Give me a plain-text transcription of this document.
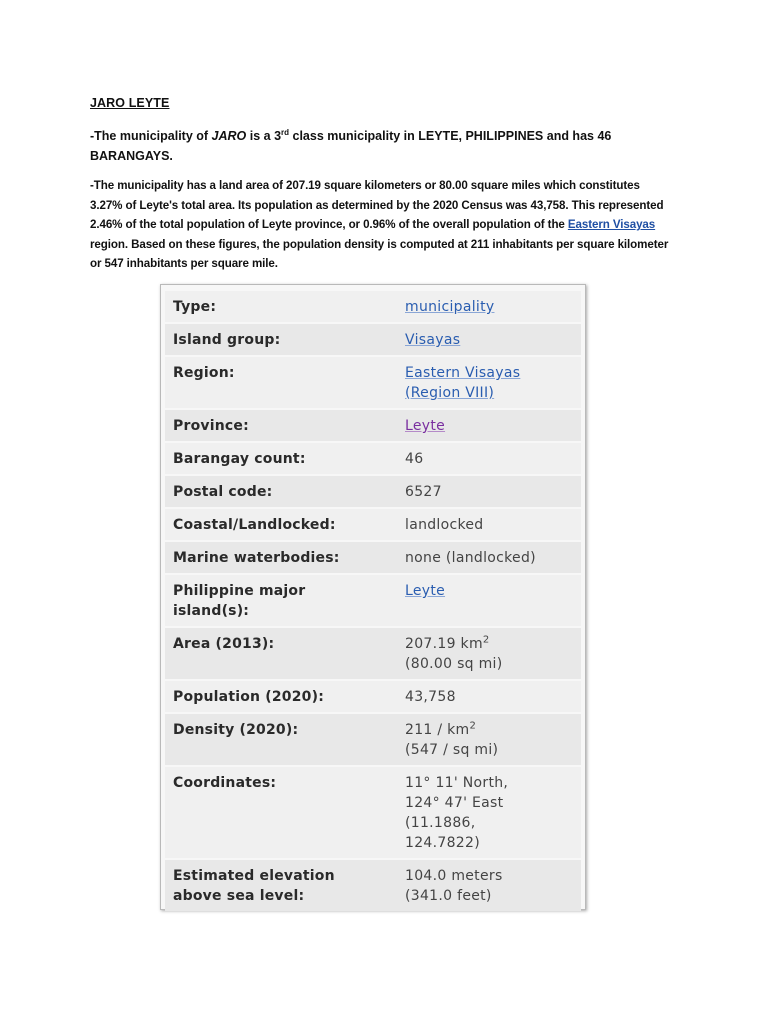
JARO LEYTE

-The municipality of JARO is a 3rd class municipality in LEYTE, PHILIPPINES and has 46 BARANGAYS.

-The municipality has a land area of 207.19 square kilometers or 80.00 square miles which constitutes 3.27% of Leyte's total area. Its population as determined by the 2020 Census was 43,758. This represented 2.46% of the total population of Leyte province, or 0.96% of the overall population of the Eastern Visayas region. Based on these figures, the population density is computed at 211 inhabitants per square kilometer or 547 inhabitants per square mile.

Type:	municipality
Island group:	Visayas
Region:	Eastern Visayas
(Region VIII)
Province:	Leyte
Barangay count:	46
Postal code:	6527
Coastal/Landlocked:	landlocked
Marine waterbodies:	none (landlocked)
Philippine major
island(s):	Leyte
Area (2013):	207.19 $km^2$
(80.00 sq mi)
Population (2020):	43,758
Density (2020):	$211 / km^2$
(547 / sq mi)
Coordinates:	11° 11' North,
124° 47' East
(11.1886,
124.7822)
Estimated elevation
above sea level:	104.0 meters
(341.0 feet)
